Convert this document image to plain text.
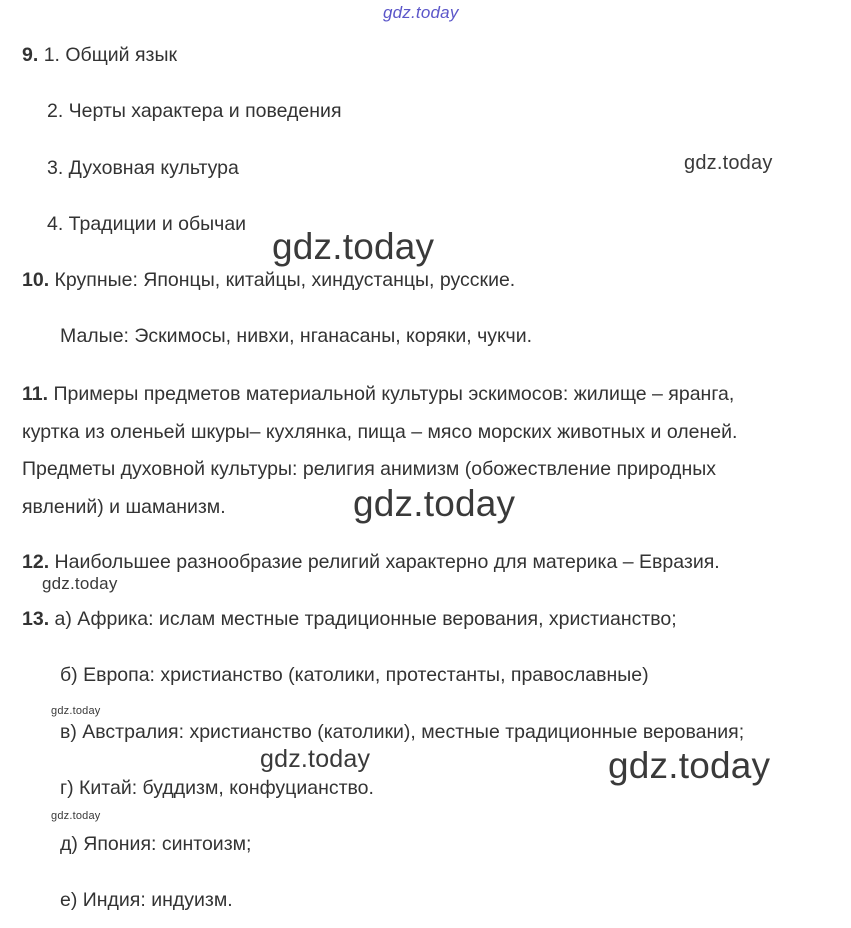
gdz.today
gdz.today
gdz.today
gdz.today
gdz.today
gdz.today
gdz.today	gdz.today
gdz.today
9. 1. Общий язык
2. Черты характера и поведения
3. Духовная культура
4. Традиции и обычаи
10. Крупные: Японцы, китайцы, хиндустанцы, русские.
Малые: Эскимосы, нивхи, нганасаны, коряки, чукчи.
11. Примеры предметов материальной культуры эскимосов: жилище – яранга,
куртка из оленьей шкуры– кухлянка, пища – мясо морских животных и оленей.
Предметы духовной культуры: религия анимизм (обожествление природных
явлений) и шаманизм.
12. Наибольшее разнообразие религий характерно для материка – Евразия.
13. а) Африка: ислам местные традиционные верования, христианство;
б) Европа: христианство (католики, протестанты, православные)
в) Австралия: христианство (католики), местные традиционные верования;
г) Китай: буддизм, конфуцианство.
д) Япония: синтоизм;
е) Индия: индуизм.
